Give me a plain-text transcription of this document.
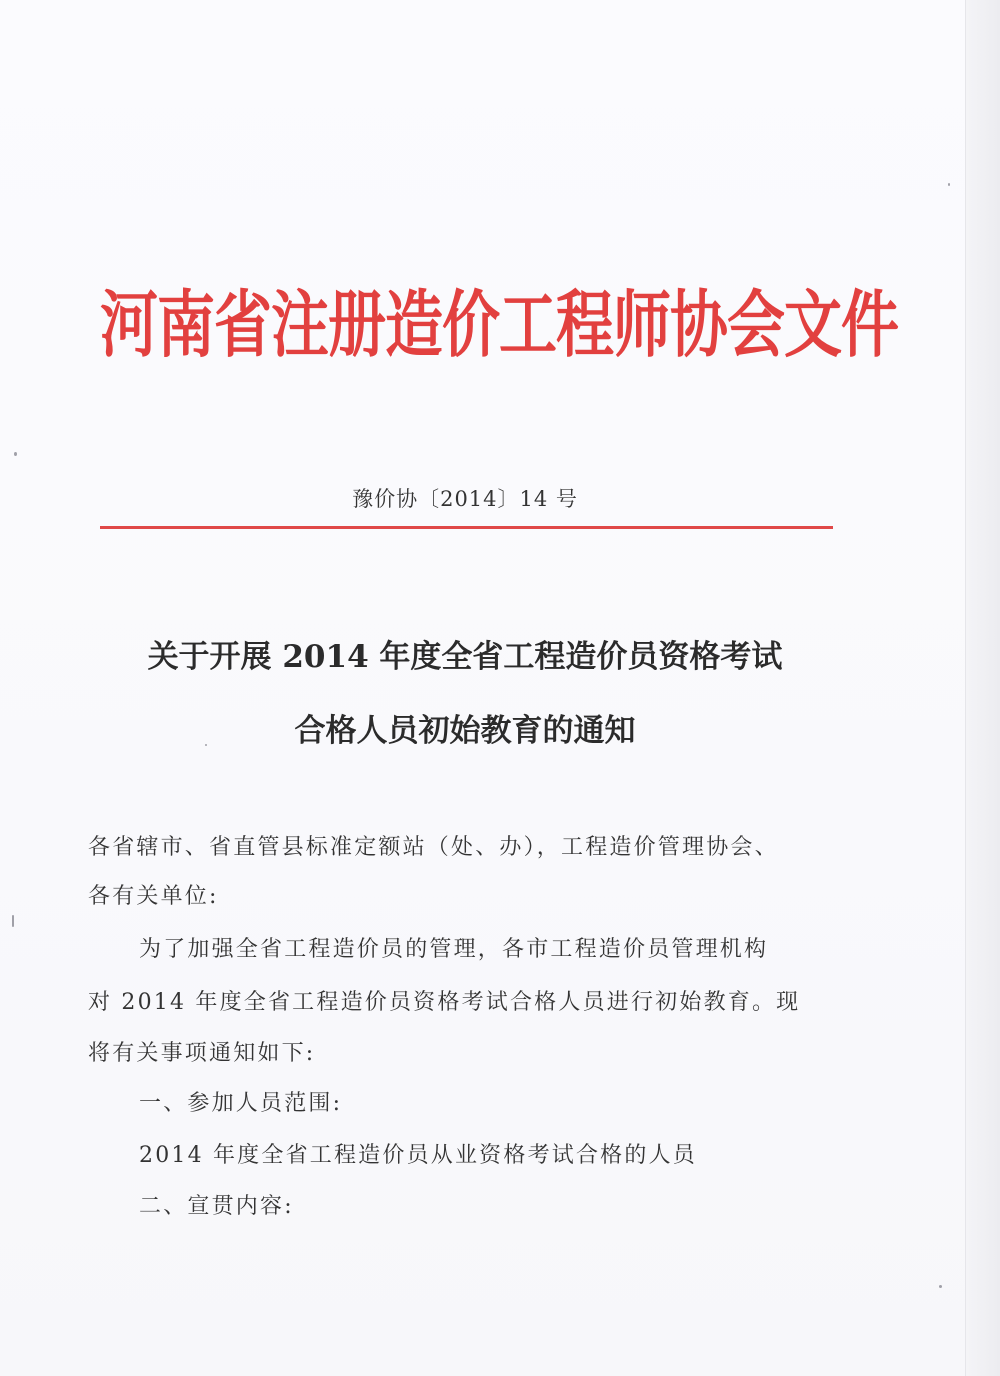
河南省注册造价工程师协会文件
豫价协〔2014〕14 号
关于开展 2014 年度全省工程造价员资格考试
合格人员初始教育的通知
各省辖市、省直管县标准定额站（处、办），工程造价管理协会、
各有关单位:
为了加强全省工程造价员的管理，各市工程造价员管理机构
对 2014 年度全省工程造价员资格考试合格人员进行初始教育。现
将有关事项通知如下:
一、参加人员范围:
2014 年度全省工程造价员从业资格考试合格的人员
二、宣贯内容:
